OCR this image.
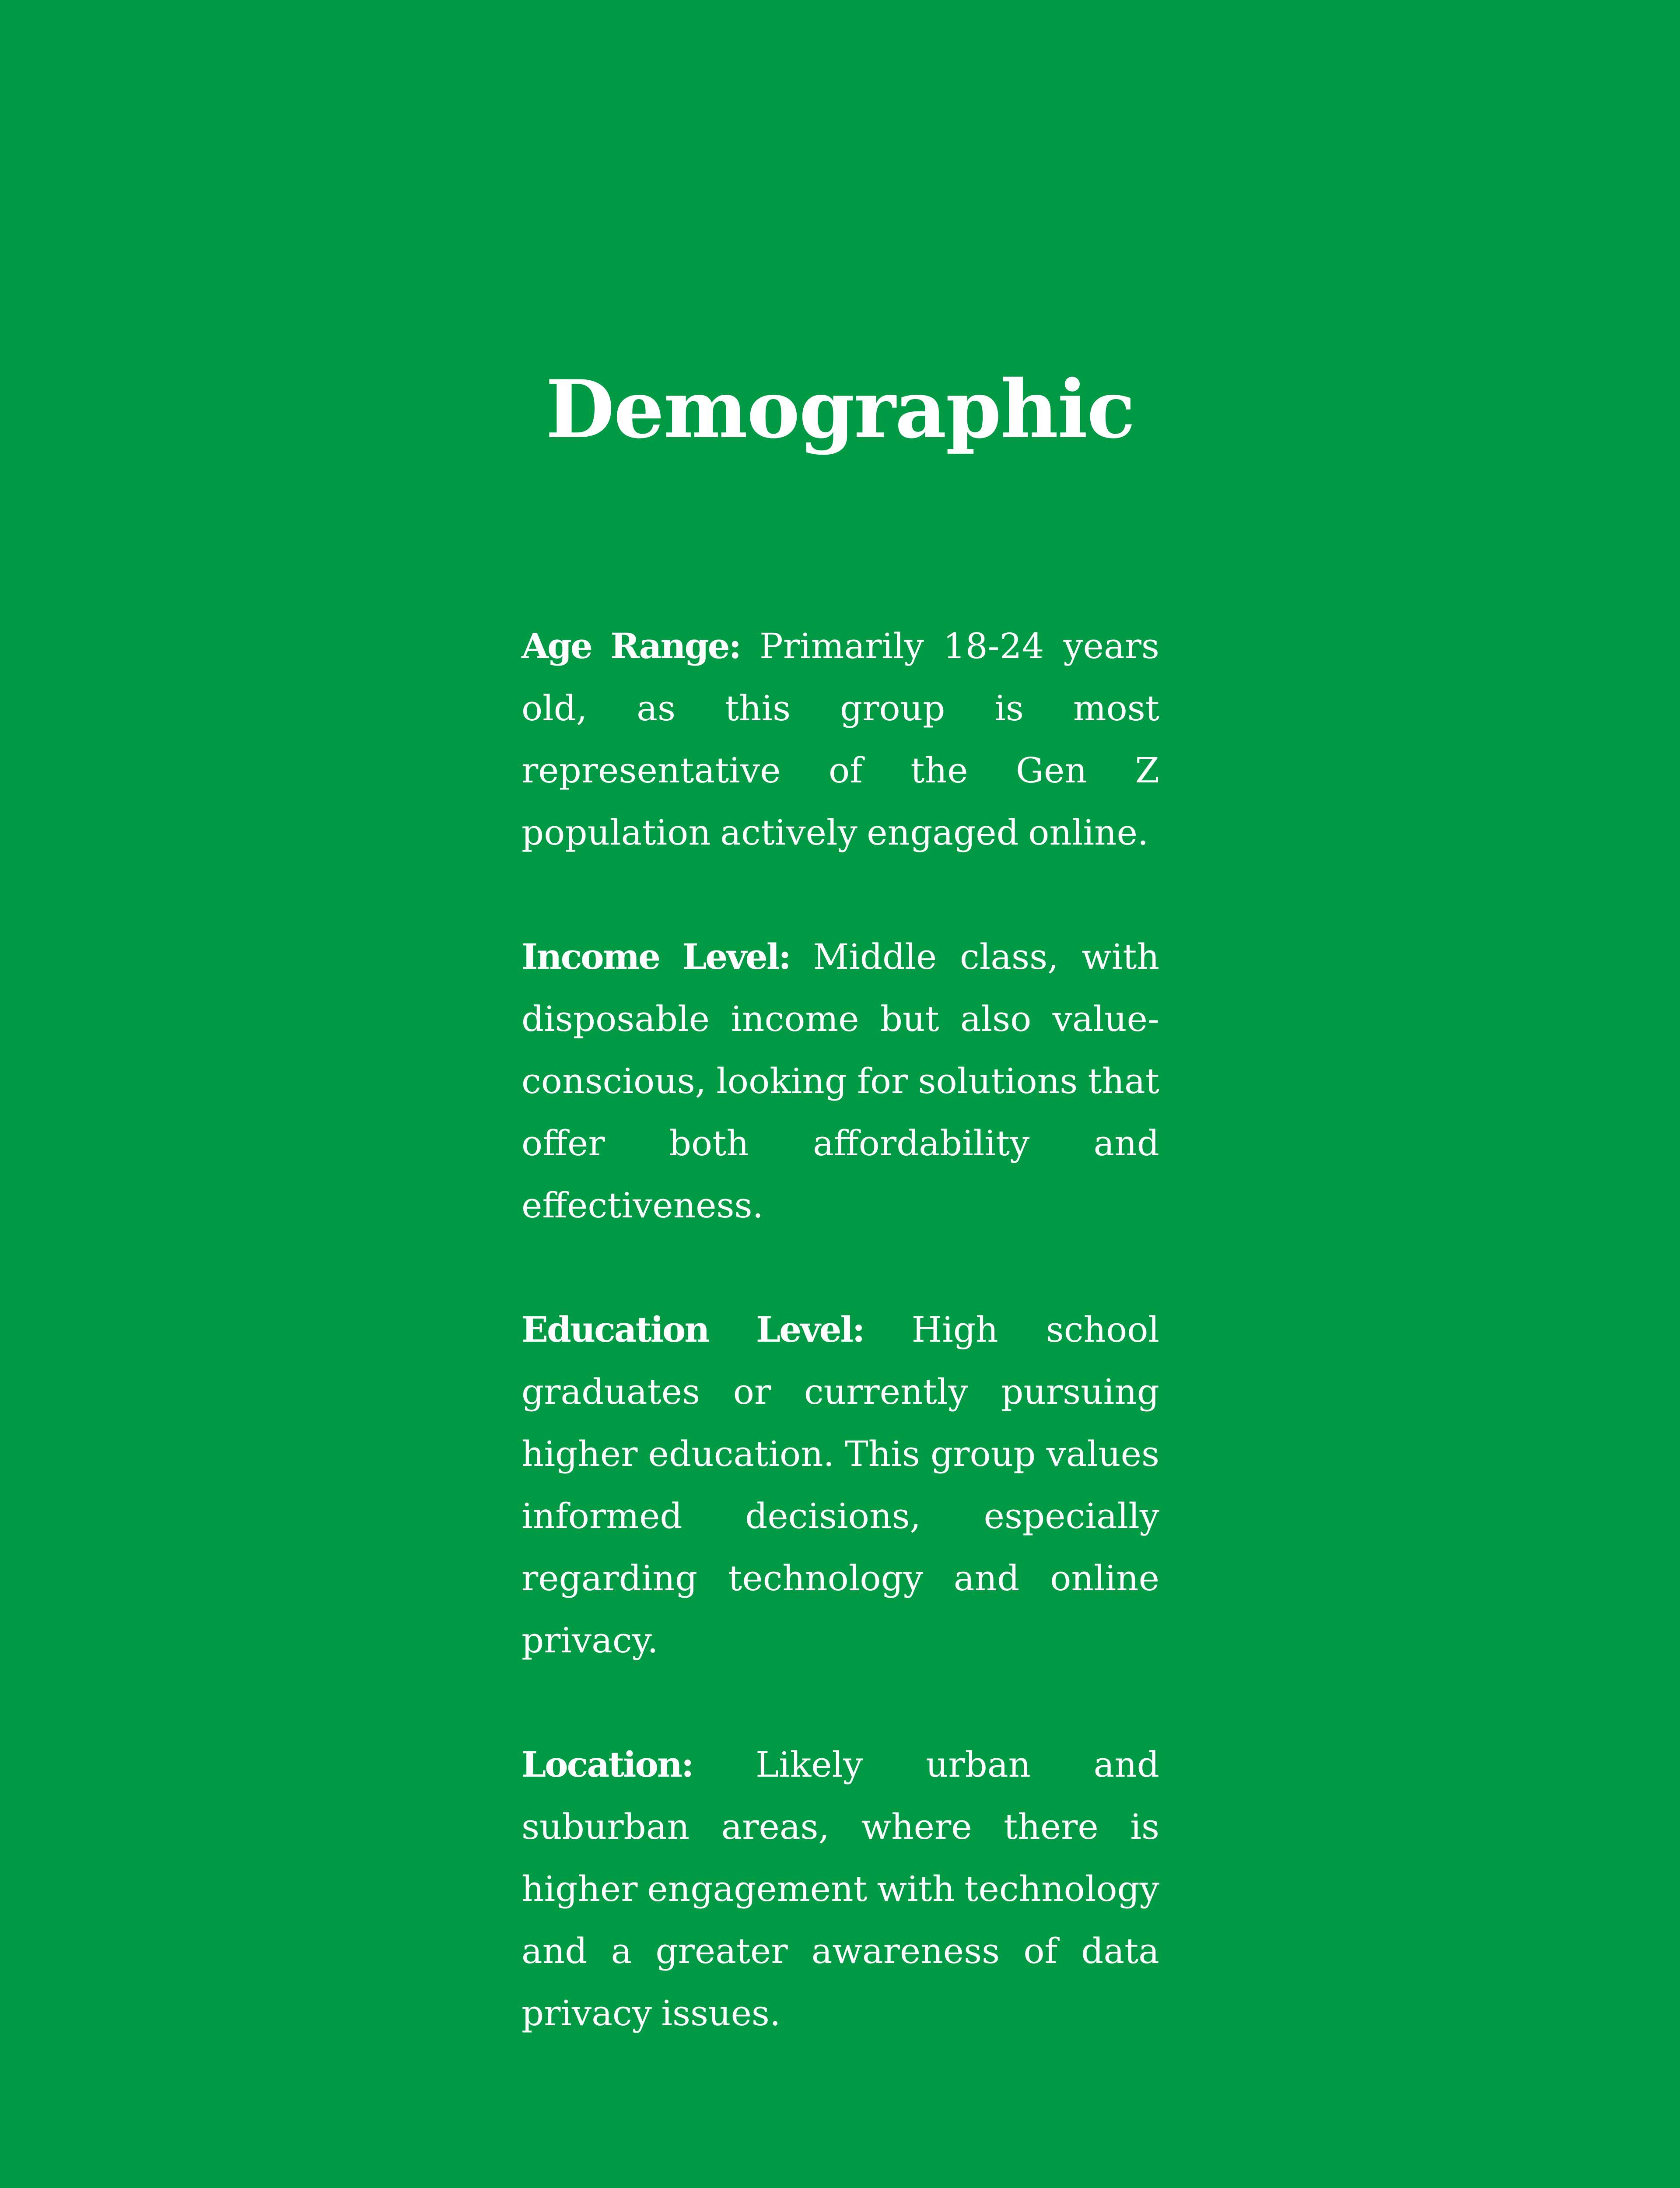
Demographic

Age Range: Primarily 18-24 years old, as this group is most representative of the Gen Z population actively engaged online.

Income Level: Middle class, with disposable income but also value-conscious, looking for solutions that offer both affordability and effectiveness.

Education Level: High school graduates or currently pursuing higher education. This group values informed decisions, especially regarding technology and online privacy.

Location: Likely urban and suburban areas, where there is higher engagement with technology and a greater awareness of data privacy issues.
